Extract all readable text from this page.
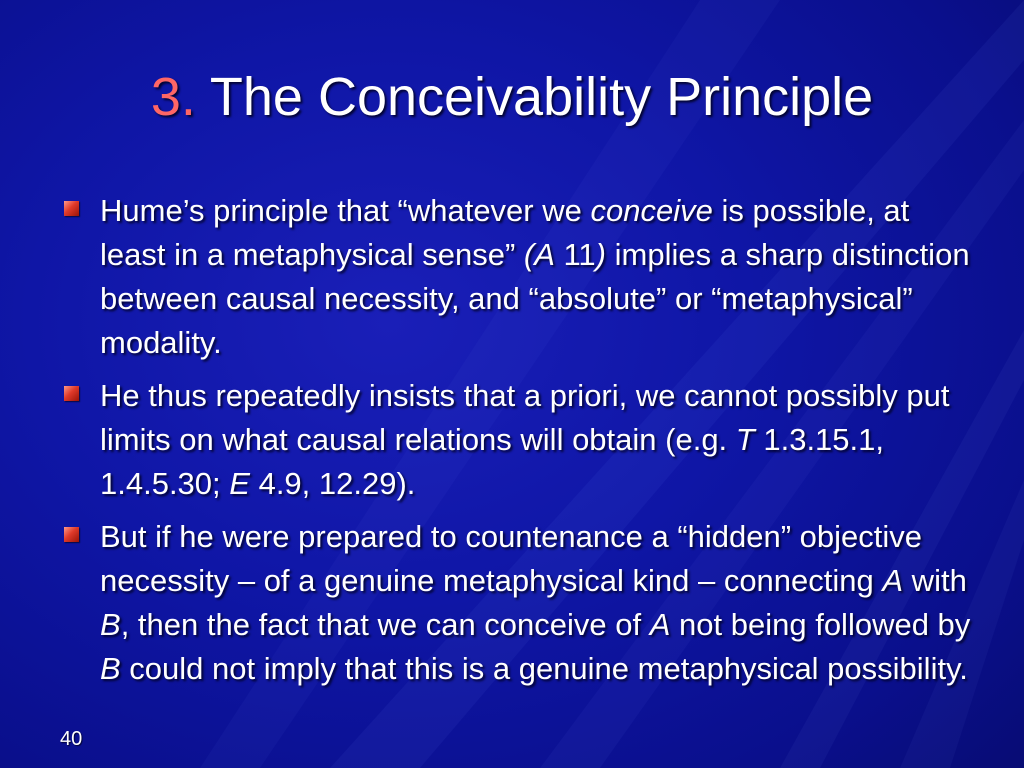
3. The Conceivability Principle
Hume’s principle that “whatever we conceive is possible, at least in a metaphysical sense” (A 11) implies a sharp distinction between causal necessity, and “absolute” or “metaphysical” modality.
He thus repeatedly insists that a priori, we cannot possibly put limits on what causal relations will obtain (e.g. T 1.3.15.1, 1.4.5.30; E 4.9, 12.29).
But if he were prepared to countenance a “hidden” objective necessity – of a genuine metaphysical kind – connecting A with B, then the fact that we can conceive of A not being followed by B could not imply that this is a genuine metaphysical possibility.
40
